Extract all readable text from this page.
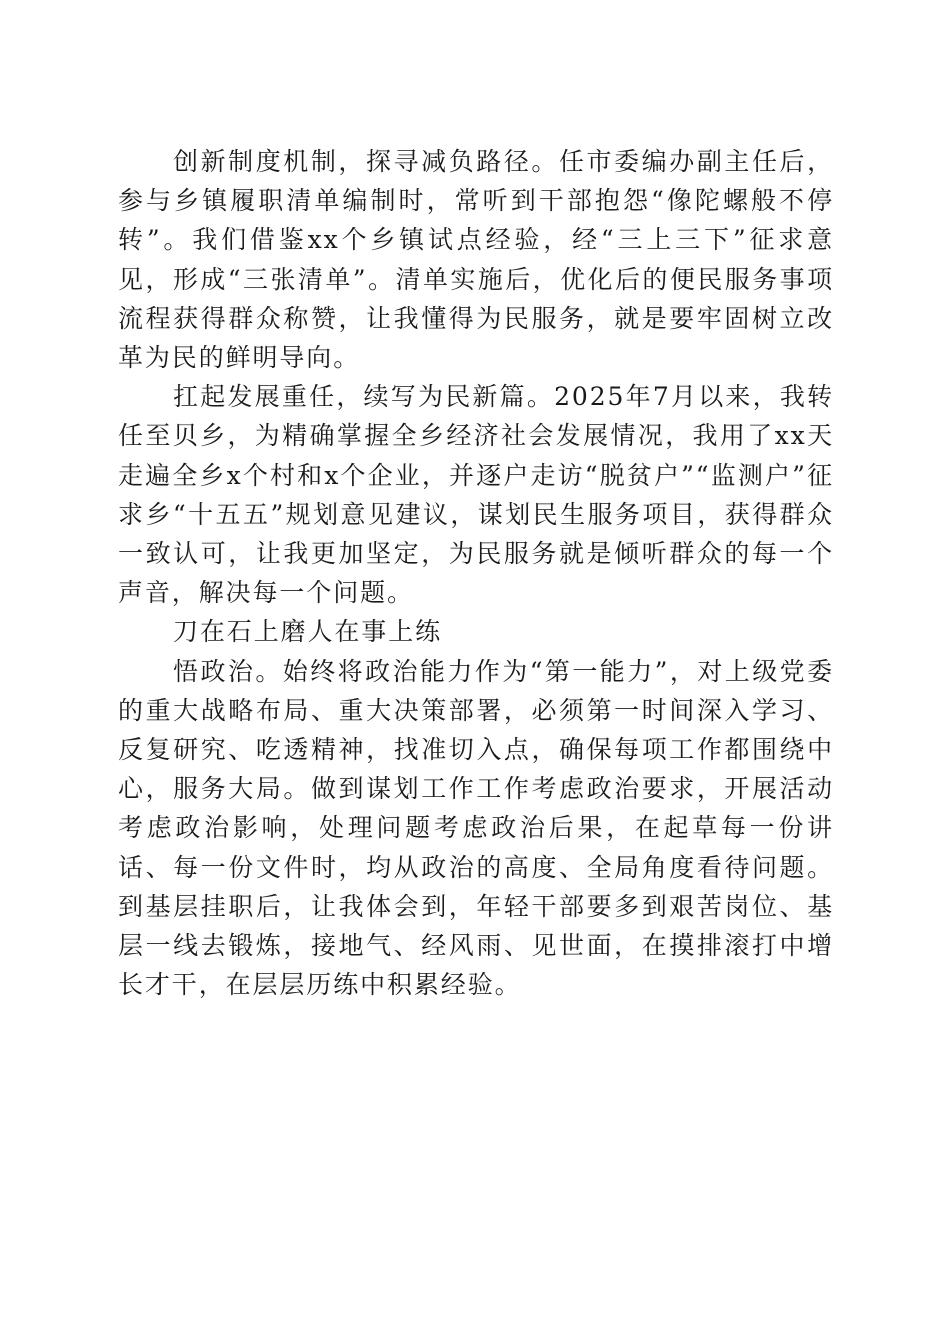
创新制度机制，探寻减负路径。任市委编办副主任后，参与乡镇履职清单编制时，常听到干部抱怨“像陀螺般不停转”。我们借鉴xx个乡镇试点经验，经“三上三下”征求意见，形成“三张清单”。清单实施后，优化后的便民服务事项流程获得群众称赞，让我懂得为民服务，就是要牢固树立改革为民的鲜明导向。

扛起发展重任，续写为民新篇。2025年7月以来，我转任至贝乡，为精确掌握全乡经济社会发展情况，我用了xx天走遍全乡x个村和x个企业，并逐户走访“脱贫户”“监测户”征求乡“十五五”规划意见建议，谋划民生服务项目，获得群众一致认可，让我更加坚定，为民服务就是倾听群众的每一个声音，解决每一个问题。

刀在石上磨人在事上练

悟政治。始终将政治能力作为“第一能力”，对上级党委的重大战略布局、重大决策部署，必须第一时间深入学习、反复研究、吃透精神，找准切入点，确保每项工作都围绕中心，服务大局。做到谋划工作工作考虑政治要求，开展活动考虑政治影响，处理问题考虑政治后果，在起草每一份讲话、每一份文件时，均从政治的高度、全局角度看待问题。到基层挂职后，让我体会到，年轻干部要多到艰苦岗位、基层一线去锻炼，接地气、经风雨、见世面，在摸排滚打中增长才干，在层层历练中积累经验。
